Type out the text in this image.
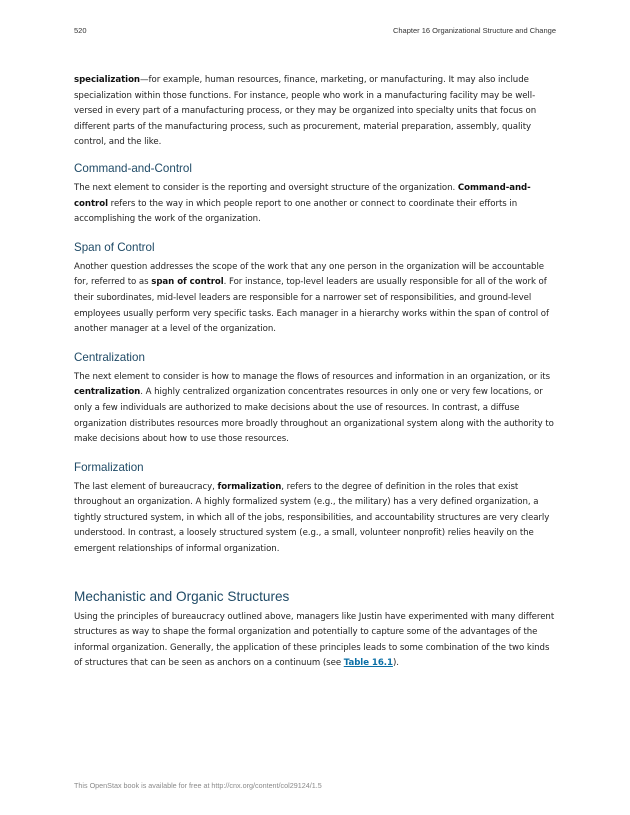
520	Chapter 16 Organizational Structure and Change

specialization—for example, human resources, finance, marketing, or manufacturing. It may also include specialization within those functions. For instance, people who work in a manufacturing facility may be well-versed in every part of a manufacturing process, or they may be organized into specialty units that focus on different parts of the manufacturing process, such as procurement, material preparation, assembly, quality control, and the like.

Command-and-Control

The next element to consider is the reporting and oversight structure of the organization. Command-and-control refers to the way in which people report to one another or connect to coordinate their efforts in accomplishing the work of the organization.

Span of Control

Another question addresses the scope of the work that any one person in the organization will be accountable for, referred to as span of control. For instance, top-level leaders are usually responsible for all of the work of their subordinates, mid-level leaders are responsible for a narrower set of responsibilities, and ground-level employees usually perform very specific tasks. Each manager in a hierarchy works within the span of control of another manager at a level of the organization.

Centralization

The next element to consider is how to manage the flows of resources and information in an organization, or its centralization. A highly centralized organization concentrates resources in only one or very few locations, or only a few individuals are authorized to make decisions about the use of resources. In contrast, a diffuse organization distributes resources more broadly throughout an organizational system along with the authority to make decisions about how to use those resources.

Formalization

The last element of bureaucracy, formalization, refers to the degree of definition in the roles that exist throughout an organization. A highly formalized system (e.g., the military) has a very defined organization, a tightly structured system, in which all of the jobs, responsibilities, and accountability structures are very clearly understood. In contrast, a loosely structured system (e.g., a small, volunteer nonprofit) relies heavily on the emergent relationships of informal organization.

Mechanistic and Organic Structures

Using the principles of bureaucracy outlined above, managers like Justin have experimented with many different structures as way to shape the formal organization and potentially to capture some of the advantages of the informal organization. Generally, the application of these principles leads to some combination of the two kinds of structures that can be seen as anchors on a continuum (see Table 16.1).

This OpenStax book is available for free at http://cnx.org/content/col29124/1.5
